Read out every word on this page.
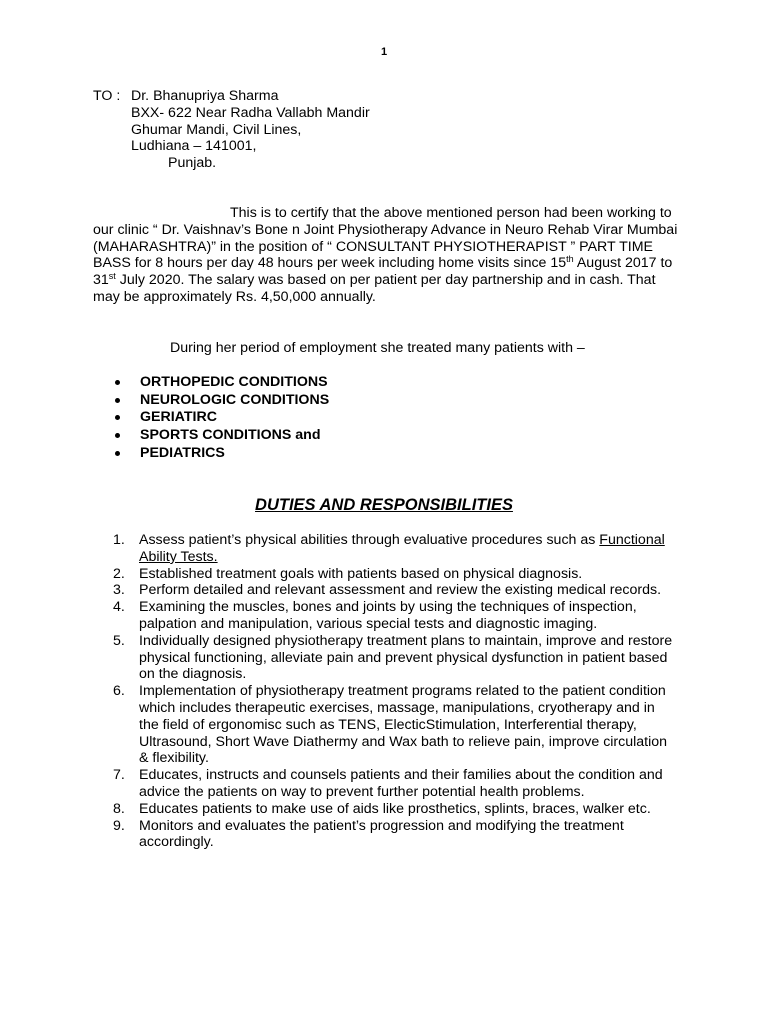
1
TO : Dr. Bhanupriya Sharma
BXX- 622 Near Radha Vallabh Mandir
Ghumar Mandi, Civil Lines,
Ludhiana – 141001,
Punjab.

This is to certify that the above mentioned person had been working to our clinic “ Dr. Vaishnav’s Bone n Joint Physiotherapy Advance in Neuro Rehab Virar Mumbai (MAHARASHTRA)” in the position of “ CONSULTANT PHYSIOTHERAPIST ” PART TIME BASS for 8 hours per day 48 hours per week including home visits since 15th August 2017 to 31st July 2020. The salary was based on per patient per day partnership and in cash. That may be approximately Rs. 4,50,000 annually.

During her period of employment she treated many patients with –

ORTHOPEDIC CONDITIONS
NEUROLOGIC CONDITIONS
GERIATIRC
SPORTS CONDITIONS and
PEDIATRICS
DUTIES AND RESPONSIBILITIES
1. Assess patient’s physical abilities through evaluative procedures such as Functional Ability Tests.
2. Established treatment goals with patients based on physical diagnosis.
3. Perform detailed and relevant assessment and review the existing medical records.
4. Examining the muscles, bones and joints by using the techniques of inspection, palpation and manipulation, various special tests and diagnostic imaging.
5. Individually designed physiotherapy treatment plans to maintain, improve and restore physical functioning, alleviate pain and prevent physical dysfunction in patient based on the diagnosis.
6. Implementation of physiotherapy treatment programs related to the patient condition which includes therapeutic exercises, massage, manipulations, cryotherapy and in the field of ergonomisc such as TENS, ElecticStimulation, Interferential therapy, Ultrasound, Short Wave Diathermy and Wax bath to relieve pain, improve circulation & flexibility.
7. Educates, instructs and counsels patients and their families about the condition and advice the patients on way to prevent further potential health problems.
8. Educates patients to make use of aids like prosthetics, splints, braces, walker etc.
9. Monitors and evaluates the patient’s progression and modifying the treatment accordingly.
